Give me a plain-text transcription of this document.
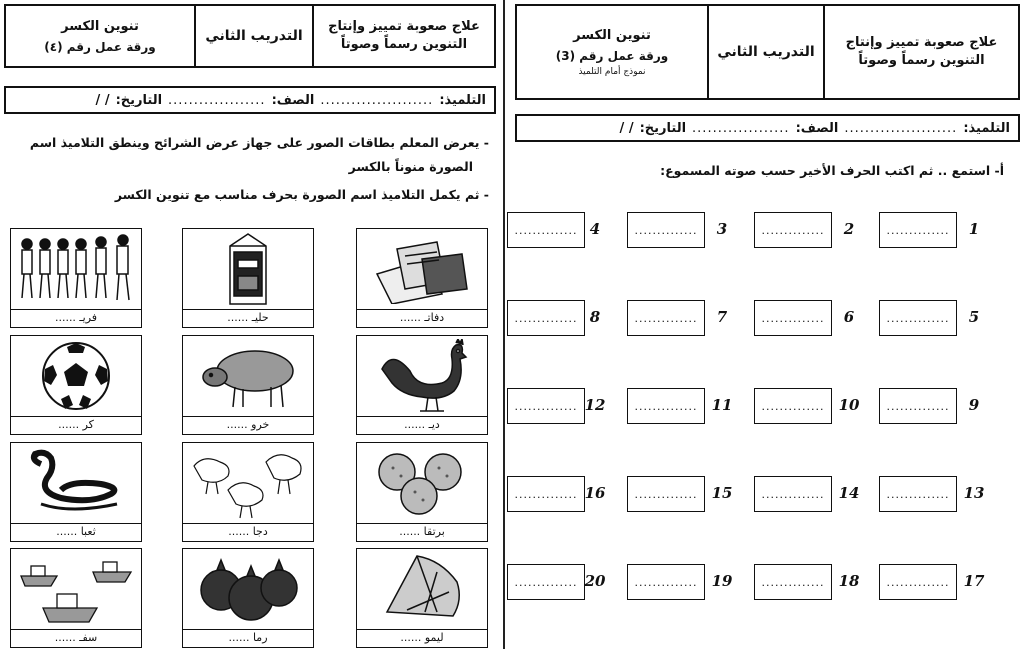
علاج صعوبة تمييز وإنتاج
التنوين رسماً وصوتاً
التدريب الثاني
تنوين الكسر
ورقة عمل رقم (٤)
التلميذ:
......................
الصف:
...................
التاريخ:
/ /
- يعرض المعلم بطاقات الصور على جهاز عرض الشرائح وينطق التلاميذ اسم
الصورة منوناً بالكسر
- ثم يكمل التلاميذ اسم الصورة بحرف مناسب مع تنوين الكسر
دفاتـ ......
حليـ ......
فريـ ......
ديـ ......
خرو ......
كر ......
برتقا ......
دجا ......
ثعبا ......
ليمو ......
رما ......
سفـ ......
علاج صعوبة تمييز وإنتاج
التنوين رسماً وصوتاً
التدريب الثاني
تنوين الكسر
ورقة عمل رقم (3)
نموذج أمام التلميذ
التلميذ:
......................
الصف:
...................
التاريخ:
/ /
أ- استمع .. ثم اكتب الحرف الأخير حسب صوته المسموع:
..............	1
..............	2
..............	3
.............. 4
..............	5
..............	6
..............	7
.............. 8
..............	9
.............. 10
.............. 11
.............. 12
.............. 13
.............. 14
.............. 15
.............. 16
.............. 17
.............. 18
.............. 19
.............. 20
